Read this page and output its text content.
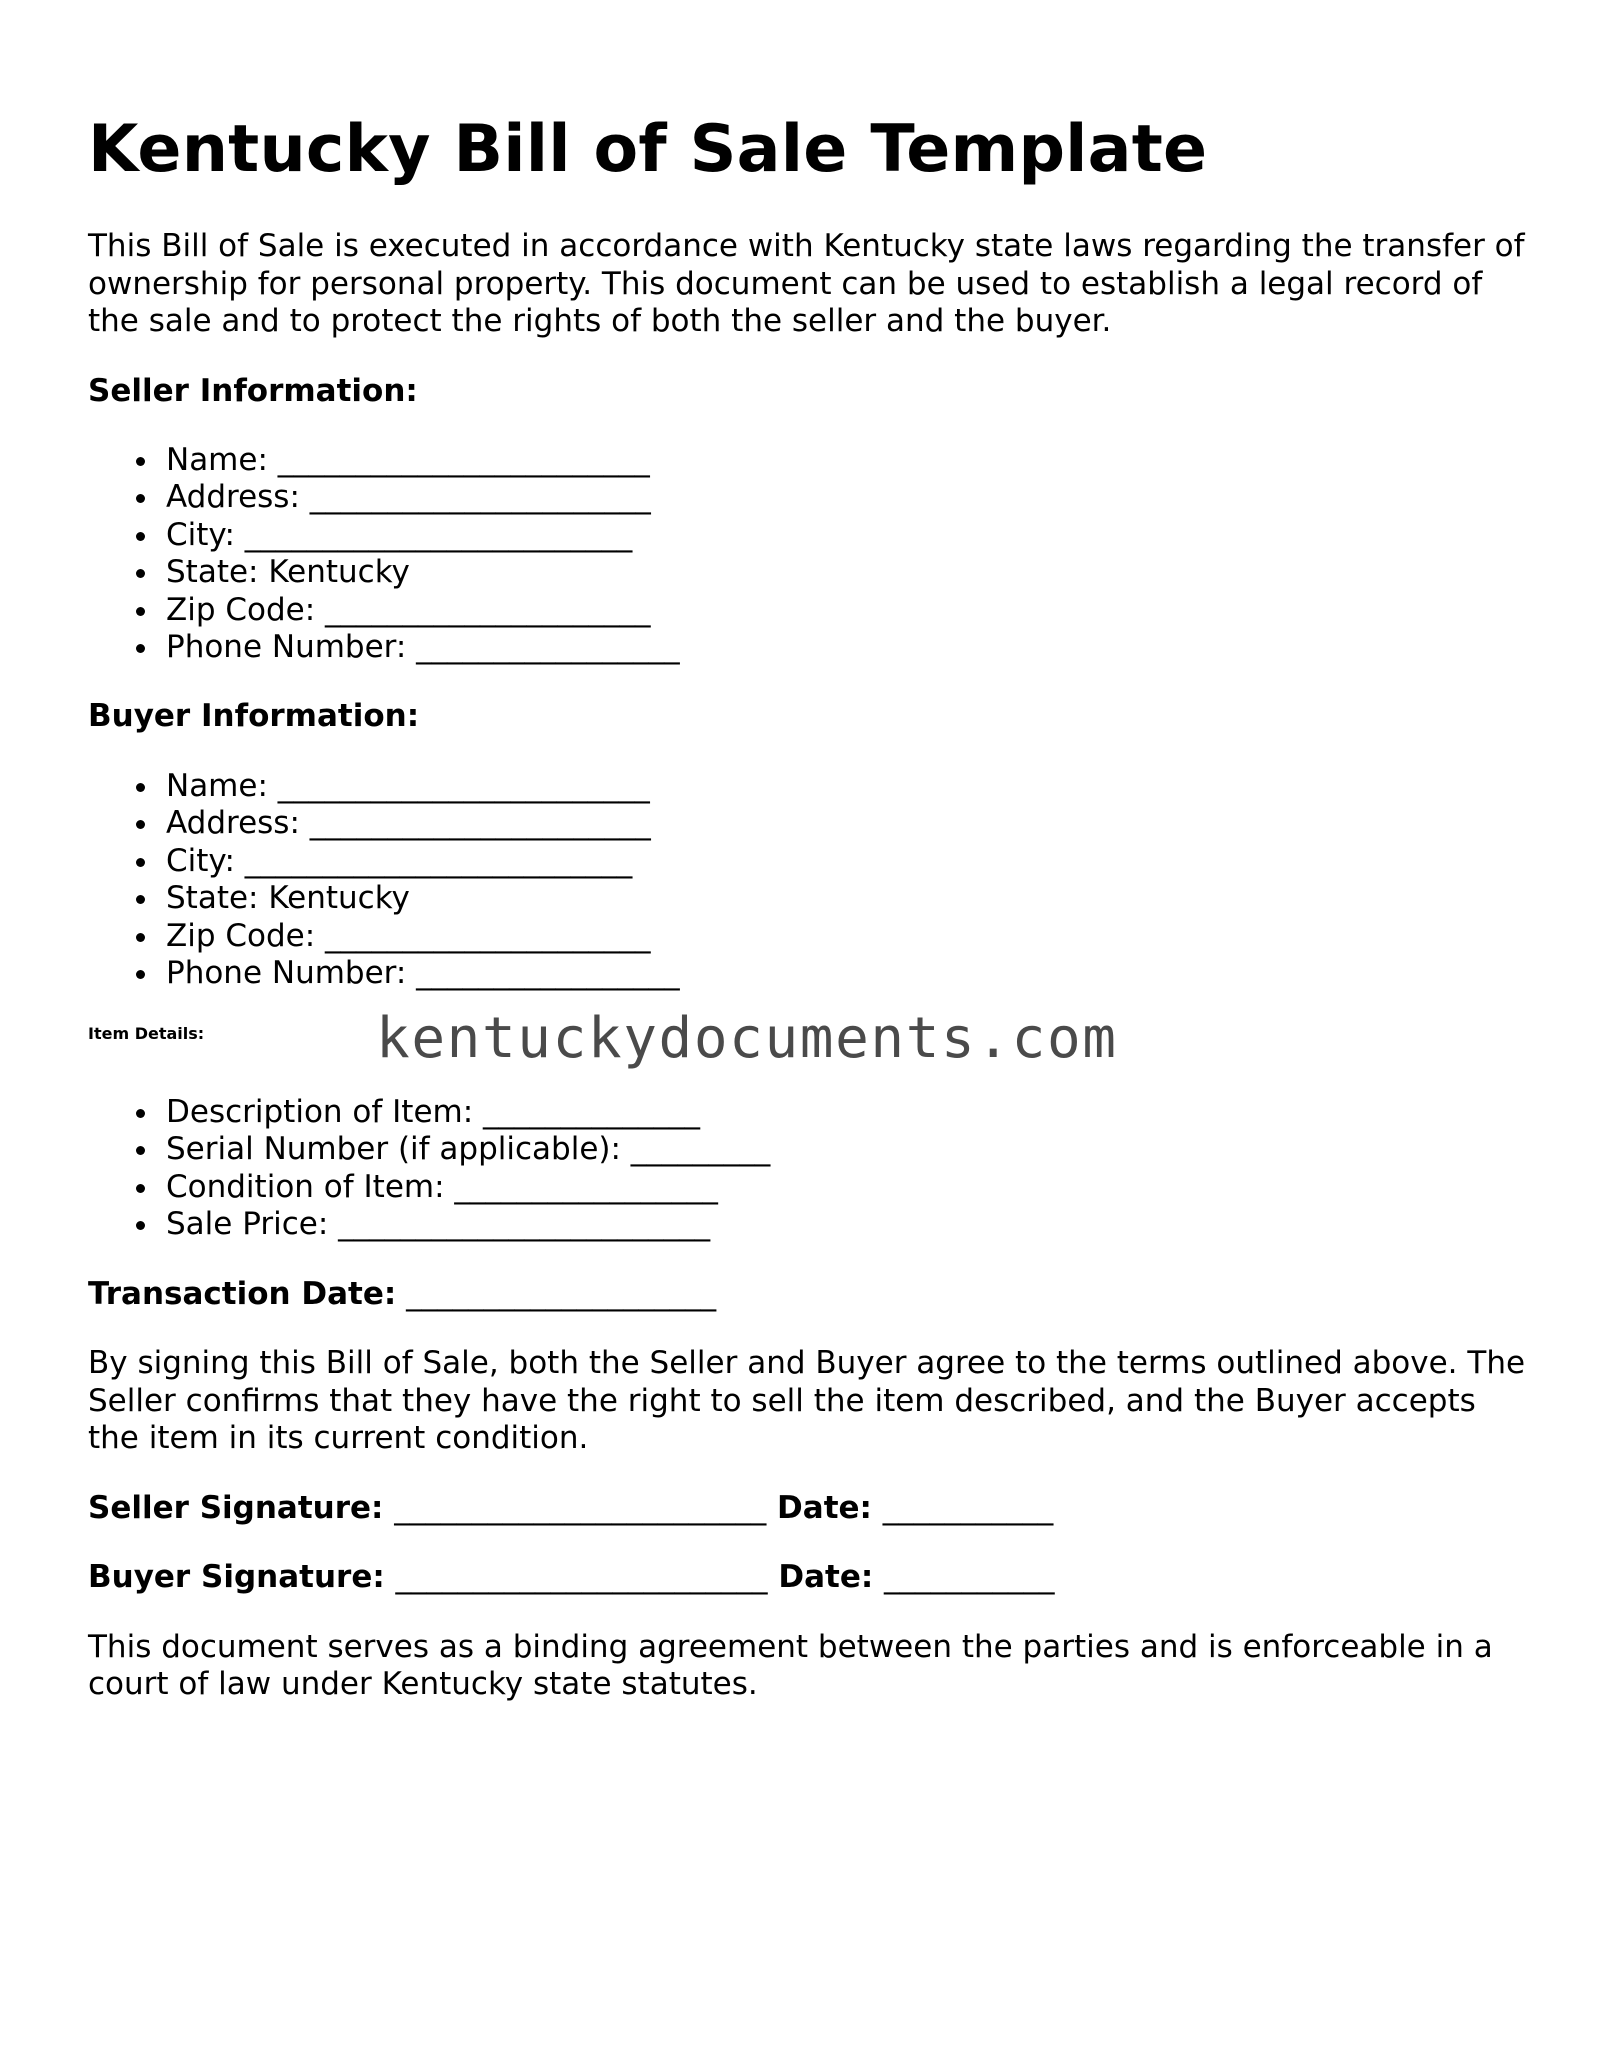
Kentucky Bill of Sale Template

This Bill of Sale is executed in accordance with Kentucky state laws regarding the transfer of ownership for personal property. This document can be used to establish a legal record of the sale and to protect the rights of both the seller and the buyer.

Seller Information:
Name: ________________________
Address: ______________________
City: _________________________
State: Kentucky
Zip Code: _____________________
Phone Number: _________________
Buyer Information:
Name: ________________________
Address: ______________________
City: _________________________
State: Kentucky
Zip Code: _____________________
Phone Number: _________________
Item Details:	kentuckydocuments.com
Description of Item: ______________
Serial Number (if applicable): _________
Condition of Item: _________________
Sale Price: ________________________

Transaction Date: ____________________

By signing this Bill of Sale, both the Seller and Buyer agree to the terms outlined above. The Seller confirms that they have the right to sell the item described, and the Buyer accepts the item in its current condition.

Seller Signature: ________________________ Date: ___________
Buyer Signature: ________________________ Date: ___________

This document serves as a binding agreement between the parties and is enforceable in a court of law under Kentucky state statutes.
